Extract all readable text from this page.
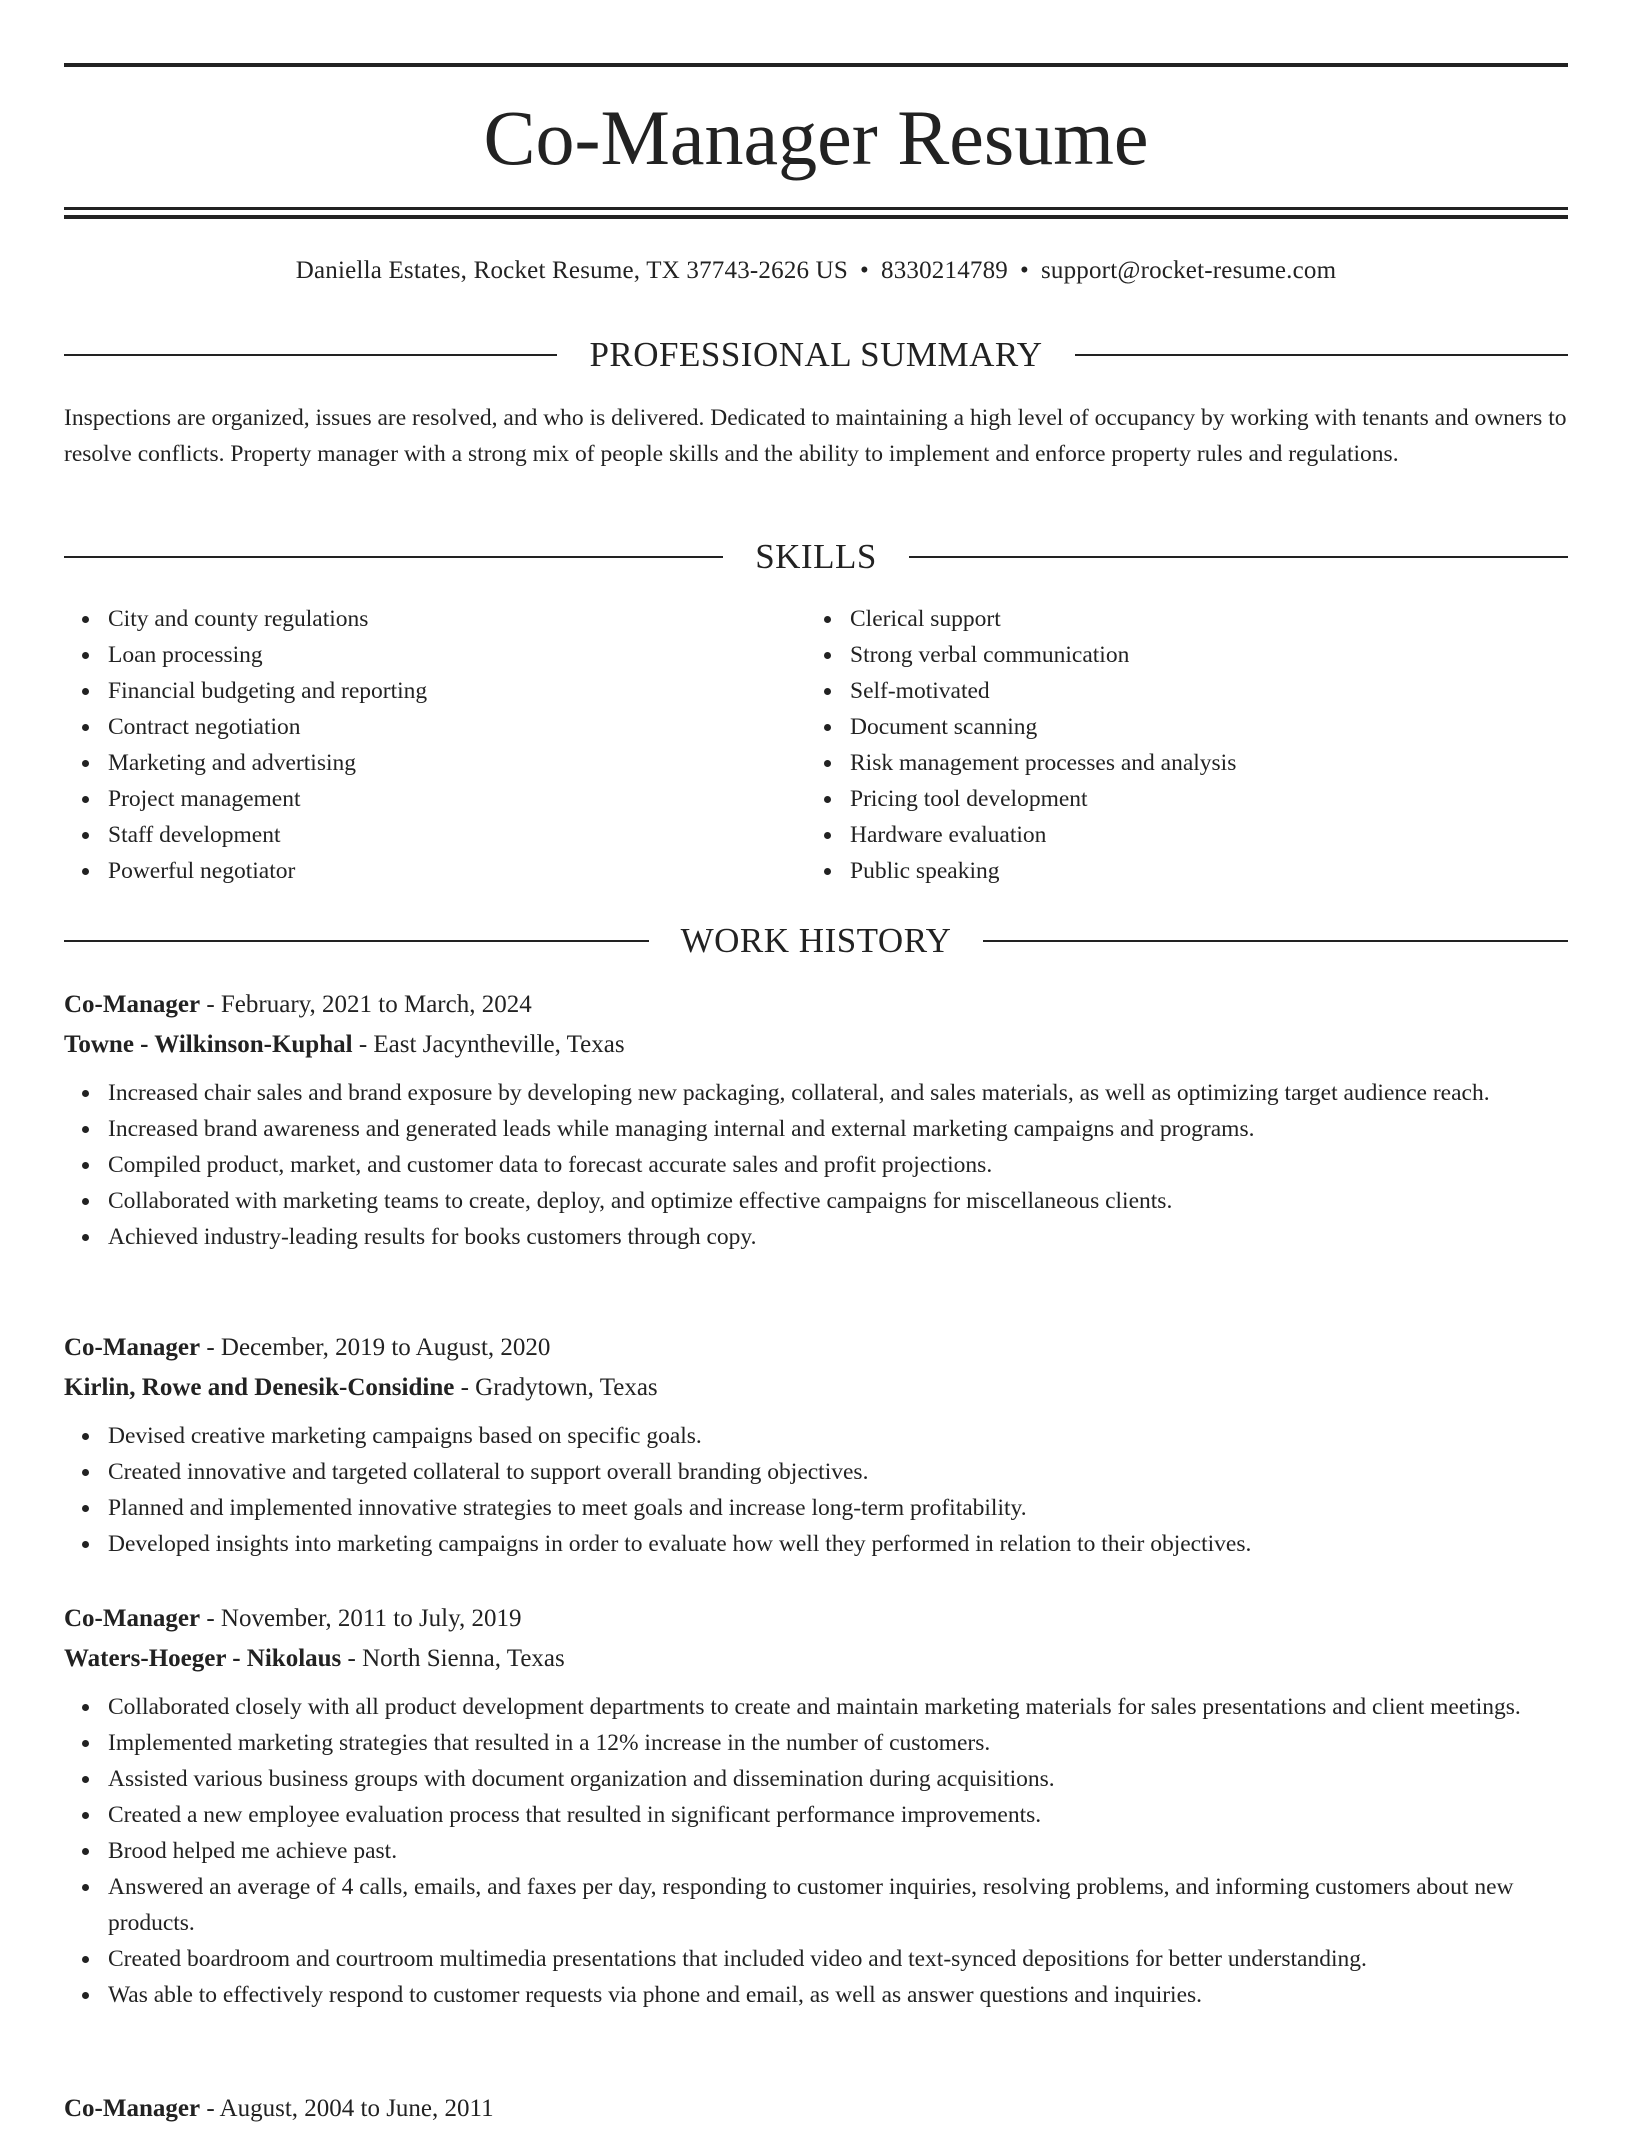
Co-Manager Resume
Daniella Estates, Rocket Resume, TX 37743-2626 US • 8330214789 • support@rocket-resume.com
PROFESSIONAL SUMMARY

Inspections are organized, issues are resolved, and who is delivered. Dedicated to maintaining a high level of occupancy by working with tenants and owners to resolve conflicts. Property manager with a strong mix of people skills and the ability to implement and enforce property rules and regulations.

SKILLS
City and county regulations
Loan processing
Financial budgeting and reporting
Contract negotiation
Marketing and advertising
Project management
Staff development
Powerful negotiator
Clerical support
Strong verbal communication
Self-motivated
Document scanning
Risk management processes and analysis
Pricing tool development
Hardware evaluation
Public speaking
WORK HISTORY
Co-Manager - February, 2021 to March, 2024
Towne - Wilkinson-Kuphal - East Jacyntheville, Texas
Increased chair sales and brand exposure by developing new packaging, collateral, and sales materials, as well as optimizing target audience reach.
Increased brand awareness and generated leads while managing internal and external marketing campaigns and programs.
Compiled product, market, and customer data to forecast accurate sales and profit projections.
Collaborated with marketing teams to create, deploy, and optimize effective campaigns for miscellaneous clients.
Achieved industry-leading results for books customers through copy.
Co-Manager - December, 2019 to August, 2020
Kirlin, Rowe and Denesik-Considine - Gradytown, Texas
Devised creative marketing campaigns based on specific goals.
Created innovative and targeted collateral to support overall branding objectives.
Planned and implemented innovative strategies to meet goals and increase long-term profitability.
Developed insights into marketing campaigns in order to evaluate how well they performed in relation to their objectives.
Co-Manager - November, 2011 to July, 2019
Waters-Hoeger - Nikolaus - North Sienna, Texas
Collaborated closely with all product development departments to create and maintain marketing materials for sales presentations and client meetings.
Implemented marketing strategies that resulted in a 12% increase in the number of customers.
Assisted various business groups with document organization and dissemination during acquisitions.
Created a new employee evaluation process that resulted in significant performance improvements.
Brood helped me achieve past.
Answered an average of 4 calls, emails, and faxes per day, responding to customer inquiries, resolving problems, and informing customers about new products.
Created boardroom and courtroom multimedia presentations that included video and text-synced depositions for better understanding.
Was able to effectively respond to customer requests via phone and email, as well as answer questions and inquiries.
Co-Manager - August, 2004 to June, 2011
